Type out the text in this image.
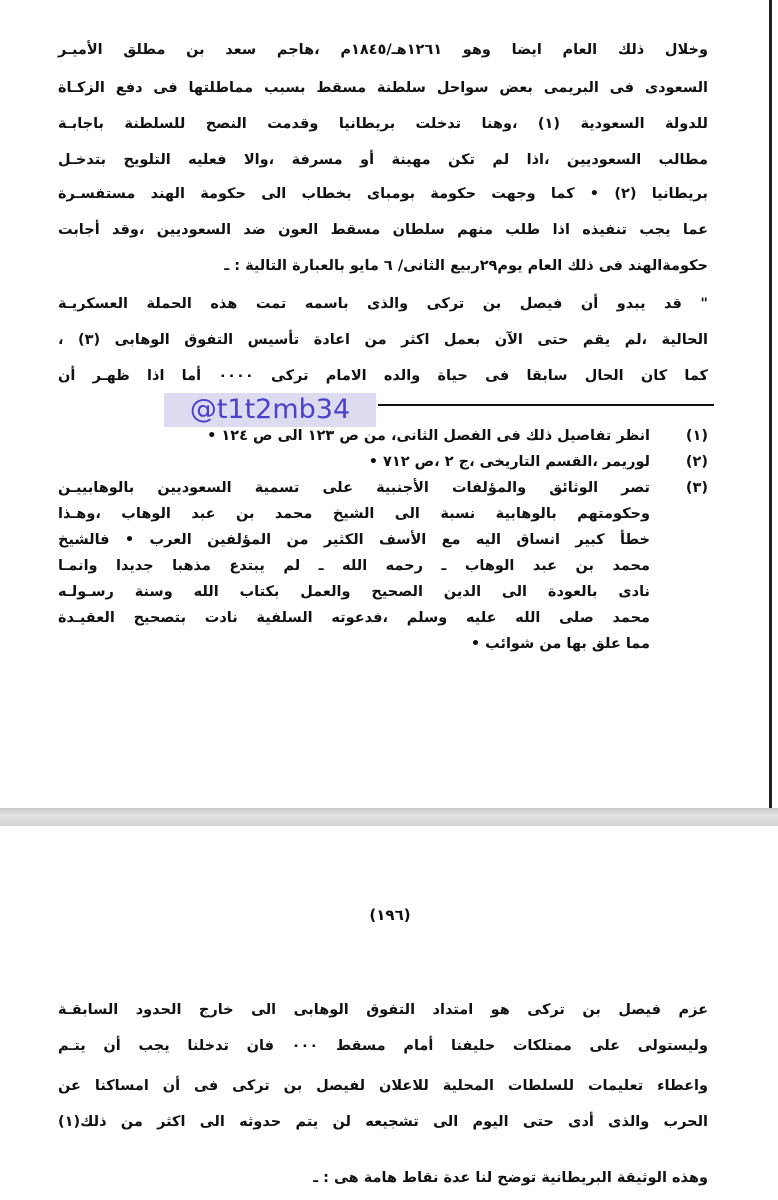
وخلال ذلك العام ايضا وهو ١٢٦١هـ/١٨٤٥م ،هاجم سعد بن مطلق الأميـر
السعودى فى البريمى بعض سواحل سلطنة مسقط بسبب مماطلتها فى دفع الزكـاة
للدولة السعودية (١) ،وهنا تدخلت بريطانيا وقدمت النصح للسلطنة باجابـة
مطالب السعوديين ،اذا لم تكن مهينة أو مسرفة ،والا فعليه التلويح بتدخـل
بريطانيا (٢) • كما وجهت حكومة بومباى بخطاب الى حكومة الهند مستفسـرة
عما يجب تنفيذه اذا طلب منهم سلطان مسقط العون ضد السعوديين ،وقد أجابت
حكومةالهند فى ذلك العام يوم٢٩ربيع الثانى/ ٦ مايو بالعبارة التالية : ـ
" قد يبدو أن فيصل بن تركى والذى باسمه تمت هذه الحملة العسكريـة
الحالية ،لم يقم حتى الآن بعمل اكثر من اعادة تأسيس التفوق الوهابى (٣) ،
كما كان الحال سابقا فى حياة والده الامام تركى ٠٠٠٠ أما اذا ظهـر أن
@t1t2mb34
(١)
انظر تفاصيل ذلك فى الفصل الثانى، من ص ١٢٣ الى ص ١٢٤ •
(٢)
لوريمر ،القسم التاريخى ،ج ٢ ،ص ٧١٢ •
(٣)
تصر الوثائق والمؤلفات الأجنبية على تسمية السعوديين بالوهابييـن
وحكومتهم بالوهابية نسبة الى الشيخ محمد بن عبد الوهاب ،وهـذا
خطأ كبير انساق اليه مع الأسف الكثير من المؤلفين العرب • فالشيخ
محمد بن عبد الوهاب ـ رحمه الله ـ لم يبتدع مذهبا جديدا وانمـا
نادى بالعودة الى الدين الصحيح والعمل بكتاب الله وسنة رسـولـه
محمد صلى الله عليه وسلم ،فدعوته السلفية نادت بتصحيح العقيـدة
مما علق بها من شوائب •
(١٩٦)
عزم فيصل بن تركى هو امتداد التفوق الوهابى الى خارج الحدود السابقـة
وليستولى على ممتلكات حليفنا أمام مسقط ٠٠٠ فان تدخلنا يجب أن يتـم
واعطاء تعليمات للسلطات المحلية للاعلان لفيصل بن تركى فى أن امساكنا عن
الحرب والذى أدى حتى اليوم الى تشجيعه لن يتم حدوثه الى اكثر من ذلك(١)
وهذه الوثيقة البريطانية توضح لنا عدة نقاط هامة هى : ـ
